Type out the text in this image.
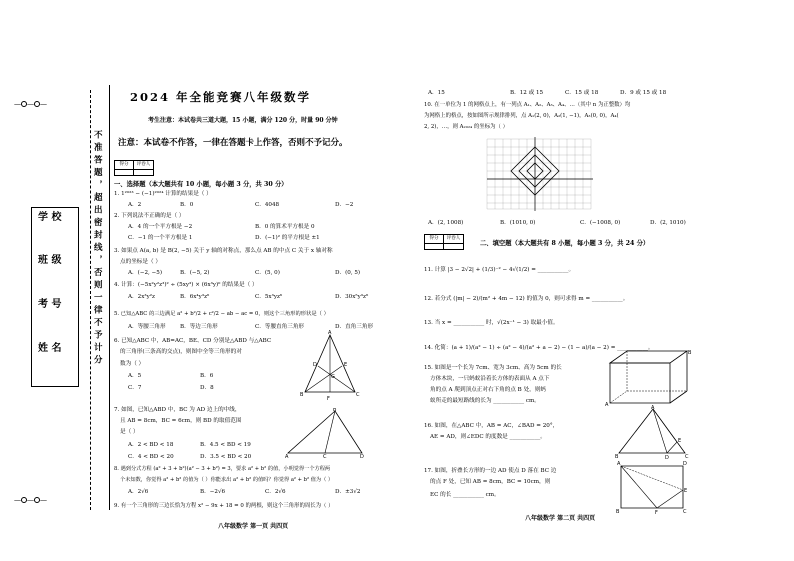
— — —
— — —
学 校
班 级
考 号
姓 名	不准答题，超出密封线，否则一律不予计分
2024 年全能竞赛八年级数学
考生注意：本试卷共三道大题，15 小题，满分 120 分，时量 90 分钟
注意：本试卷不作答，一律在答题卡上作答，否则不予记分。
得分	评卷人
一、选择题（本大题共有 10 小题，每小题 3 分，共 30 分）
1. 1²⁰²³ − (−1)²⁰²⁴ 计算的结果是（ ）
A．2	B．0	C．4048	D．−2
2. 下列说法不正确的是（ ）
A．4 的一个平方根是 −2	B．0 的算术平方根是 0
C．−1 的一个平方根是 1	D．(−1)² 的平方根是 ±1
3. 如果点 A(a, b) 是 B(2, −5) 关于 y 轴的对称点，那么点 AB 的中点 C 关于 x 轴对称
点的坐标是（ ）
A．(−2, −5)	B．(−5, 2)	C．(5, 0)	D．(0, 5)
4. 计算：(−5x²y²z³)² ÷ (5xy³) × (6x³y)⁰ 的结果是（ ）
A．2x³y²z	B．6x⁴y³z⁶	C．5x³yz⁶	D．30x⁵y³z⁶
5. 已知△ABC 的三边满足 a² + b²/2 + c²/2 − ab − ac = 0，则这个三角形的形状是（ ）
A．等腰三角形	B．等边三角形	C．等腰直角三角形	D．直角三角形
6. 已知△ABC 中，AB=AC，BE、CD 分别是△ABD 与△ABC
的三角形(三条高的交点)，则图中全等三角形的对
数为（ ）
A．5	B．6
C．7	D．8
7. 如图，已知△ABD 中，BC 为 AD 边上的中线，
且 AB = 8cm，BC = 6cm，则 BD 的取值范围
是（ ）
A．2 < BD < 18	B．4.5 < BD < 19
C．4 < BD < 20	D．3.5 < BD < 20
8. 遇到分式方程 (a² + 3 + b²)(a² − 3 + b²) = 3，要求 a² + b² 的值，小明觉得一个方程两
个未知数，你觉得 a² + b² 的值为（ ）你能求出 a² + b² 的值吗？你觉得 a² + b² 值为（ ）
A．2√6	B．−2√6	C．2√6	D．±3√2
9. 有一个三角形的三边长恰为方程 x² − 9x + 18 = 0 的两根，则这个三角形的周长为（ ）
A
B	C
F
D	E
G
B
A	C	D
A．15	B．12 或 15	C．15 或 18	D．9 或 15 或 18
10. 在一单位为 1 的网格点上，有一列点 A₁、A₂、A₃、A₄、…（其中 n 为正整数）均
为网格上的格点，按如图所示规律排列，点 A₁(2, 0)，A₂(1, −1)，A₃(0, 0)，A₄(
2, 2)，…，则 A₂₀₂₄ 的坐标为（ ）
A．(2, 1008)	B．(1010, 0)	C．(−1008, 0)	D．(2, 1010)
得分	评卷人
二、填空题（本大题共有 8 小题，每小题 3 分，共 24 分）
11. 计算 |3 − 2√2| + (1/3)⁻² − 4√(1/2) = ___________。
12. 若分式 (|m| − 2)/(m² + 4m − 12) 的值为 0，则可求得 m = ___________。
13. 当 x = ___________ 时，√(2x⁻¹ − 3) 取最小值。
14. 化简：(a + 1)/(a² − 1) ÷ (a² − 4)/(a² + a − 2) − (1 − a)/(a − 2) = ___________。
15. 如图是一个长为 7cm、宽为 3cm、高为 5cm 的长
方体木块，一只蚂蚁沿着长方体的表面从 A 点下
角的点 A 爬到顶点正对右下角的点 B 处，则蚂
蚁所走的最短路线的长为 ___________ cm。
B
A
16. 如图，在△ABC 中，AB = AC，∠BAD = 20°，
AE = AD，则∠EDC 的度数是 ___________。
A
B	D
E
C
17. 如图，折叠长方形的一边 AD 使点 D 落在 BC 边
的点 F 处，已知 AB = 8cm，BC = 10cm，则
EC 的长 ___________ cm。
A	D
E
B	F	C
八年级数学 第一页 共四页
八年级数学 第二页 共四页
